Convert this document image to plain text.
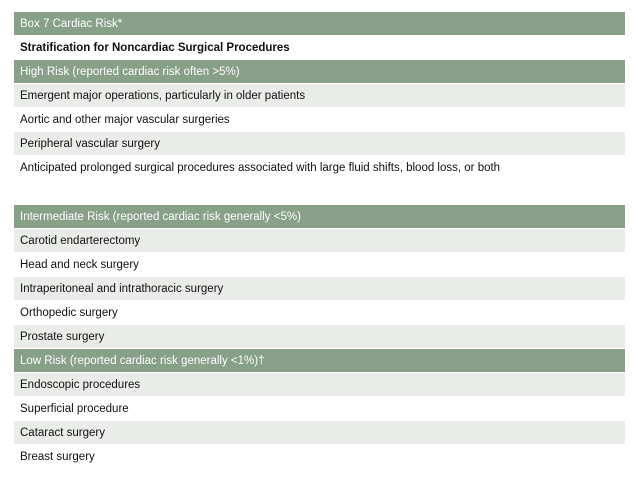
Box 7 Cardiac Risk*
Stratification for Noncardiac Surgical Procedures
High Risk (reported cardiac risk often >5%)
Emergent major operations, particularly in older patients
Aortic and other major vascular surgeries
Peripheral vascular surgery
Anticipated prolonged surgical procedures associated with large fluid shifts, blood loss, or both
Intermediate Risk (reported cardiac risk generally <5%)
Carotid endarterectomy
Head and neck surgery
Intraperitoneal and intrathoracic surgery
Orthopedic surgery
Prostate surgery
Low Risk (reported cardiac risk generally <1%)†
Endoscopic procedures
Superficial procedure
Cataract surgery
Breast surgery
